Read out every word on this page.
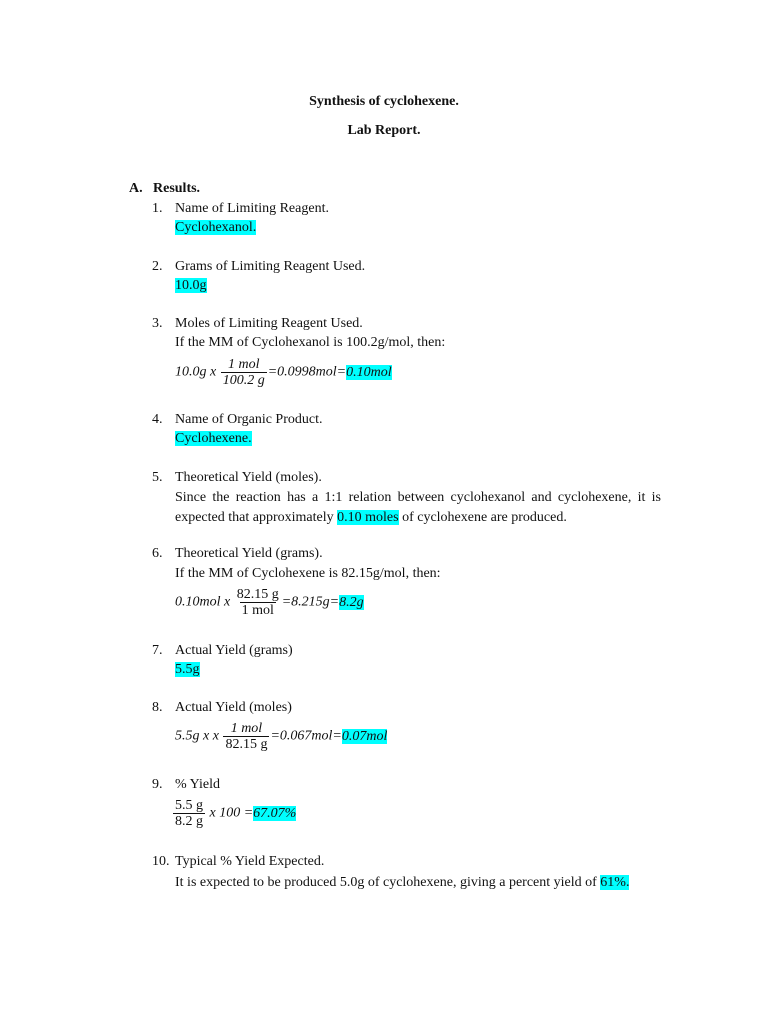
Synthesis of cyclohexene.
Lab Report.
A. Results.
1. Name of Limiting Reagent.
Cyclohexanol.
2. Grams of Limiting Reagent Used.
10.0g
3. Moles of Limiting Reagent Used.
If the MM of Cyclohexanol is 100.2g/mol, then:
10.0g x $\frac{\text{1 mol}}{100.2 g} =0.0998mol=0.10mol$
4. Name of Organic Product.
Cyclohexene.
5. Theoretical Yield (moles).
Since the reaction has a 1:1 relation between cyclohexanol and cyclohexene, it is expected that approximately 0.10 moles of cyclohexene are produced.
6. Theoretical Yield (grams).
If the MM of Cyclohexene is 82.15g/mol, then:
0.10mol x $\frac{82.15 g}{\text{1 mol}} =8.215g=8.2g$
7. Actual Yield (grams)
5.5g
8. Actual Yield (moles)
5.5g x x $\frac{\text{1 mol}}{82.15 g} =0.067mol=0.07mol$
9. % Yield
$\frac{5.5 g}{8.2 g}$ x 100 =67.07%
10. Typical % Yield Expected.
It is expected to be produced 5.0g of cyclohexene, giving a percent yield of 61%.
